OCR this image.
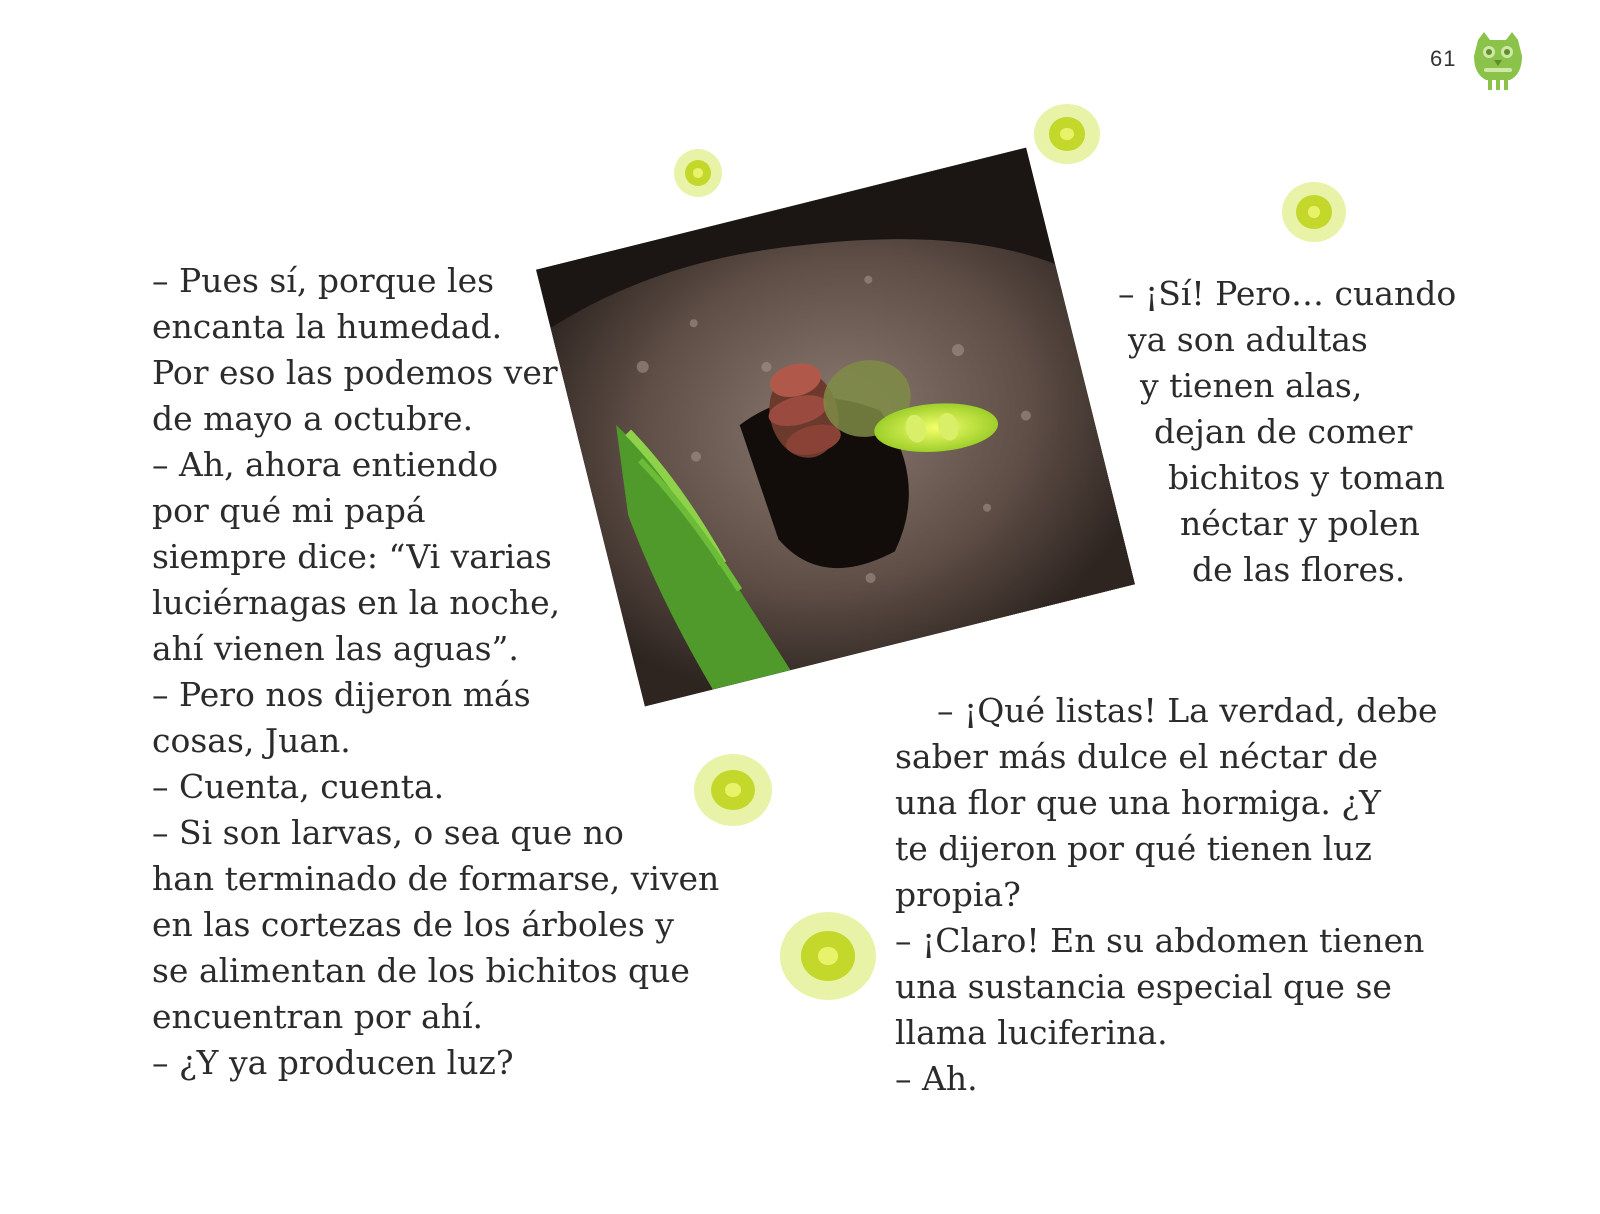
61
– Pues sí, porque les
encanta la humedad.
Por eso las podemos ver
de mayo a octubre.
– Ah, ahora entiendo
por qué mi papá
siempre dice: “Vi varias
luciérnagas en la noche,
ahí vienen las aguas”.
– Pero nos dijeron más
cosas, Juan.
– Cuenta, cuenta.
– Si son larvas, o sea que no
han terminado de formarse, viven
en las cortezas de los árboles y
se alimentan de los bichitos que
encuentran por ahí.
– ¿Y ya producen luz?
– ¡Sí! Pero… cuando
ya son adultas
y tienen alas,
dejan de comer
bichitos y toman
néctar y polen
de las flores.
– ¡Qué listas! La verdad, debe
saber más dulce el néctar de
una flor que una hormiga. ¿Y
te dijeron por qué tienen luz
propia?
– ¡Claro! En su abdomen tienen
una sustancia especial que se
llama luciferina.
– Ah.
